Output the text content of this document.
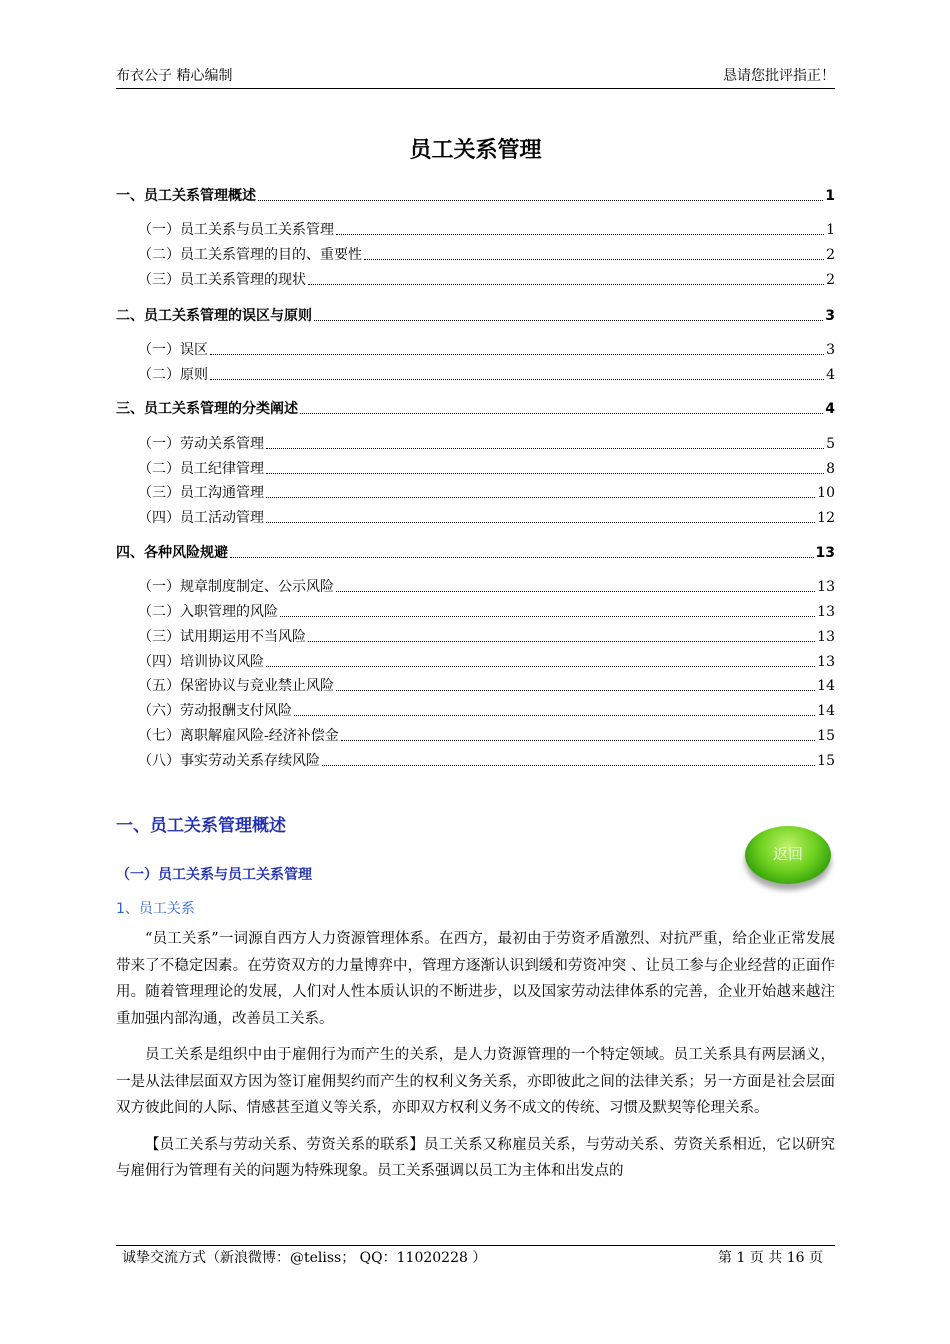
布衣公子 精心编制	恳请您批评指正！
员工关系管理
一、员工关系管理概述	1
（一）员工关系与员工关系管理	1
（二）员工关系管理的目的、重要性	2
（三）员工关系管理的现状	2
二、员工关系管理的误区与原则	3
（一）误区	3
（二）原则	4
三、员工关系管理的分类阐述	4
（一）劳动关系管理	5
（二）员工纪律管理	8
（三）员工沟通管理	10
（四）员工活动管理	12
四、各种风险规避	13
（一）规章制度制定、公示风险	13
（二）入职管理的风险	13
（三）试用期运用不当风险	13
（四）培训协议风险	13
（五）保密协议与竞业禁止风险	14
（六）劳动报酬支付风险	14
（七）离职解雇风险-经济补偿金	15
（八）事实劳动关系存续风险	15
一、员工关系管理概述
（一）员工关系与员工关系管理
1、员工关系
返回

“员工关系”一词源自西方人力资源管理体系。在西方，最初由于劳资矛盾激烈、对抗严重，给企业正常发展带来了不稳定因素。在劳资双方的力量博弈中，管理方逐渐认识到缓和劳资冲突 、让员工参与企业经营的正面作用。随着管理理论的发展，人们对人性本质认识的不断进步，以及国家劳动法律体系的完善，企业开始越来越注重加强内部沟通，改善员工关系。

员工关系是组织中由于雇佣行为而产生的关系，是人力资源管理的一个特定领域。员工关系具有两层涵义，一是从法律层面双方因为签订雇佣契约而产生的权利义务关系，亦即彼此之间的法律关系；另一方面是社会层面双方彼此间的人际、情感甚至道义等关系，亦即双方权利义务不成文的传统、习惯及默契等伦理关系。

【员工关系与劳动关系、劳资关系的联系】员工关系又称雇员关系，与劳动关系、劳资关系相近，它以研究与雇佣行为管理有关的问题为特殊现象。员工关系强调以员工为主体和出发点的

诚挚交流方式（新浪微博：@teliss； QQ：11020228 ）	第 1 页 共 16 页
